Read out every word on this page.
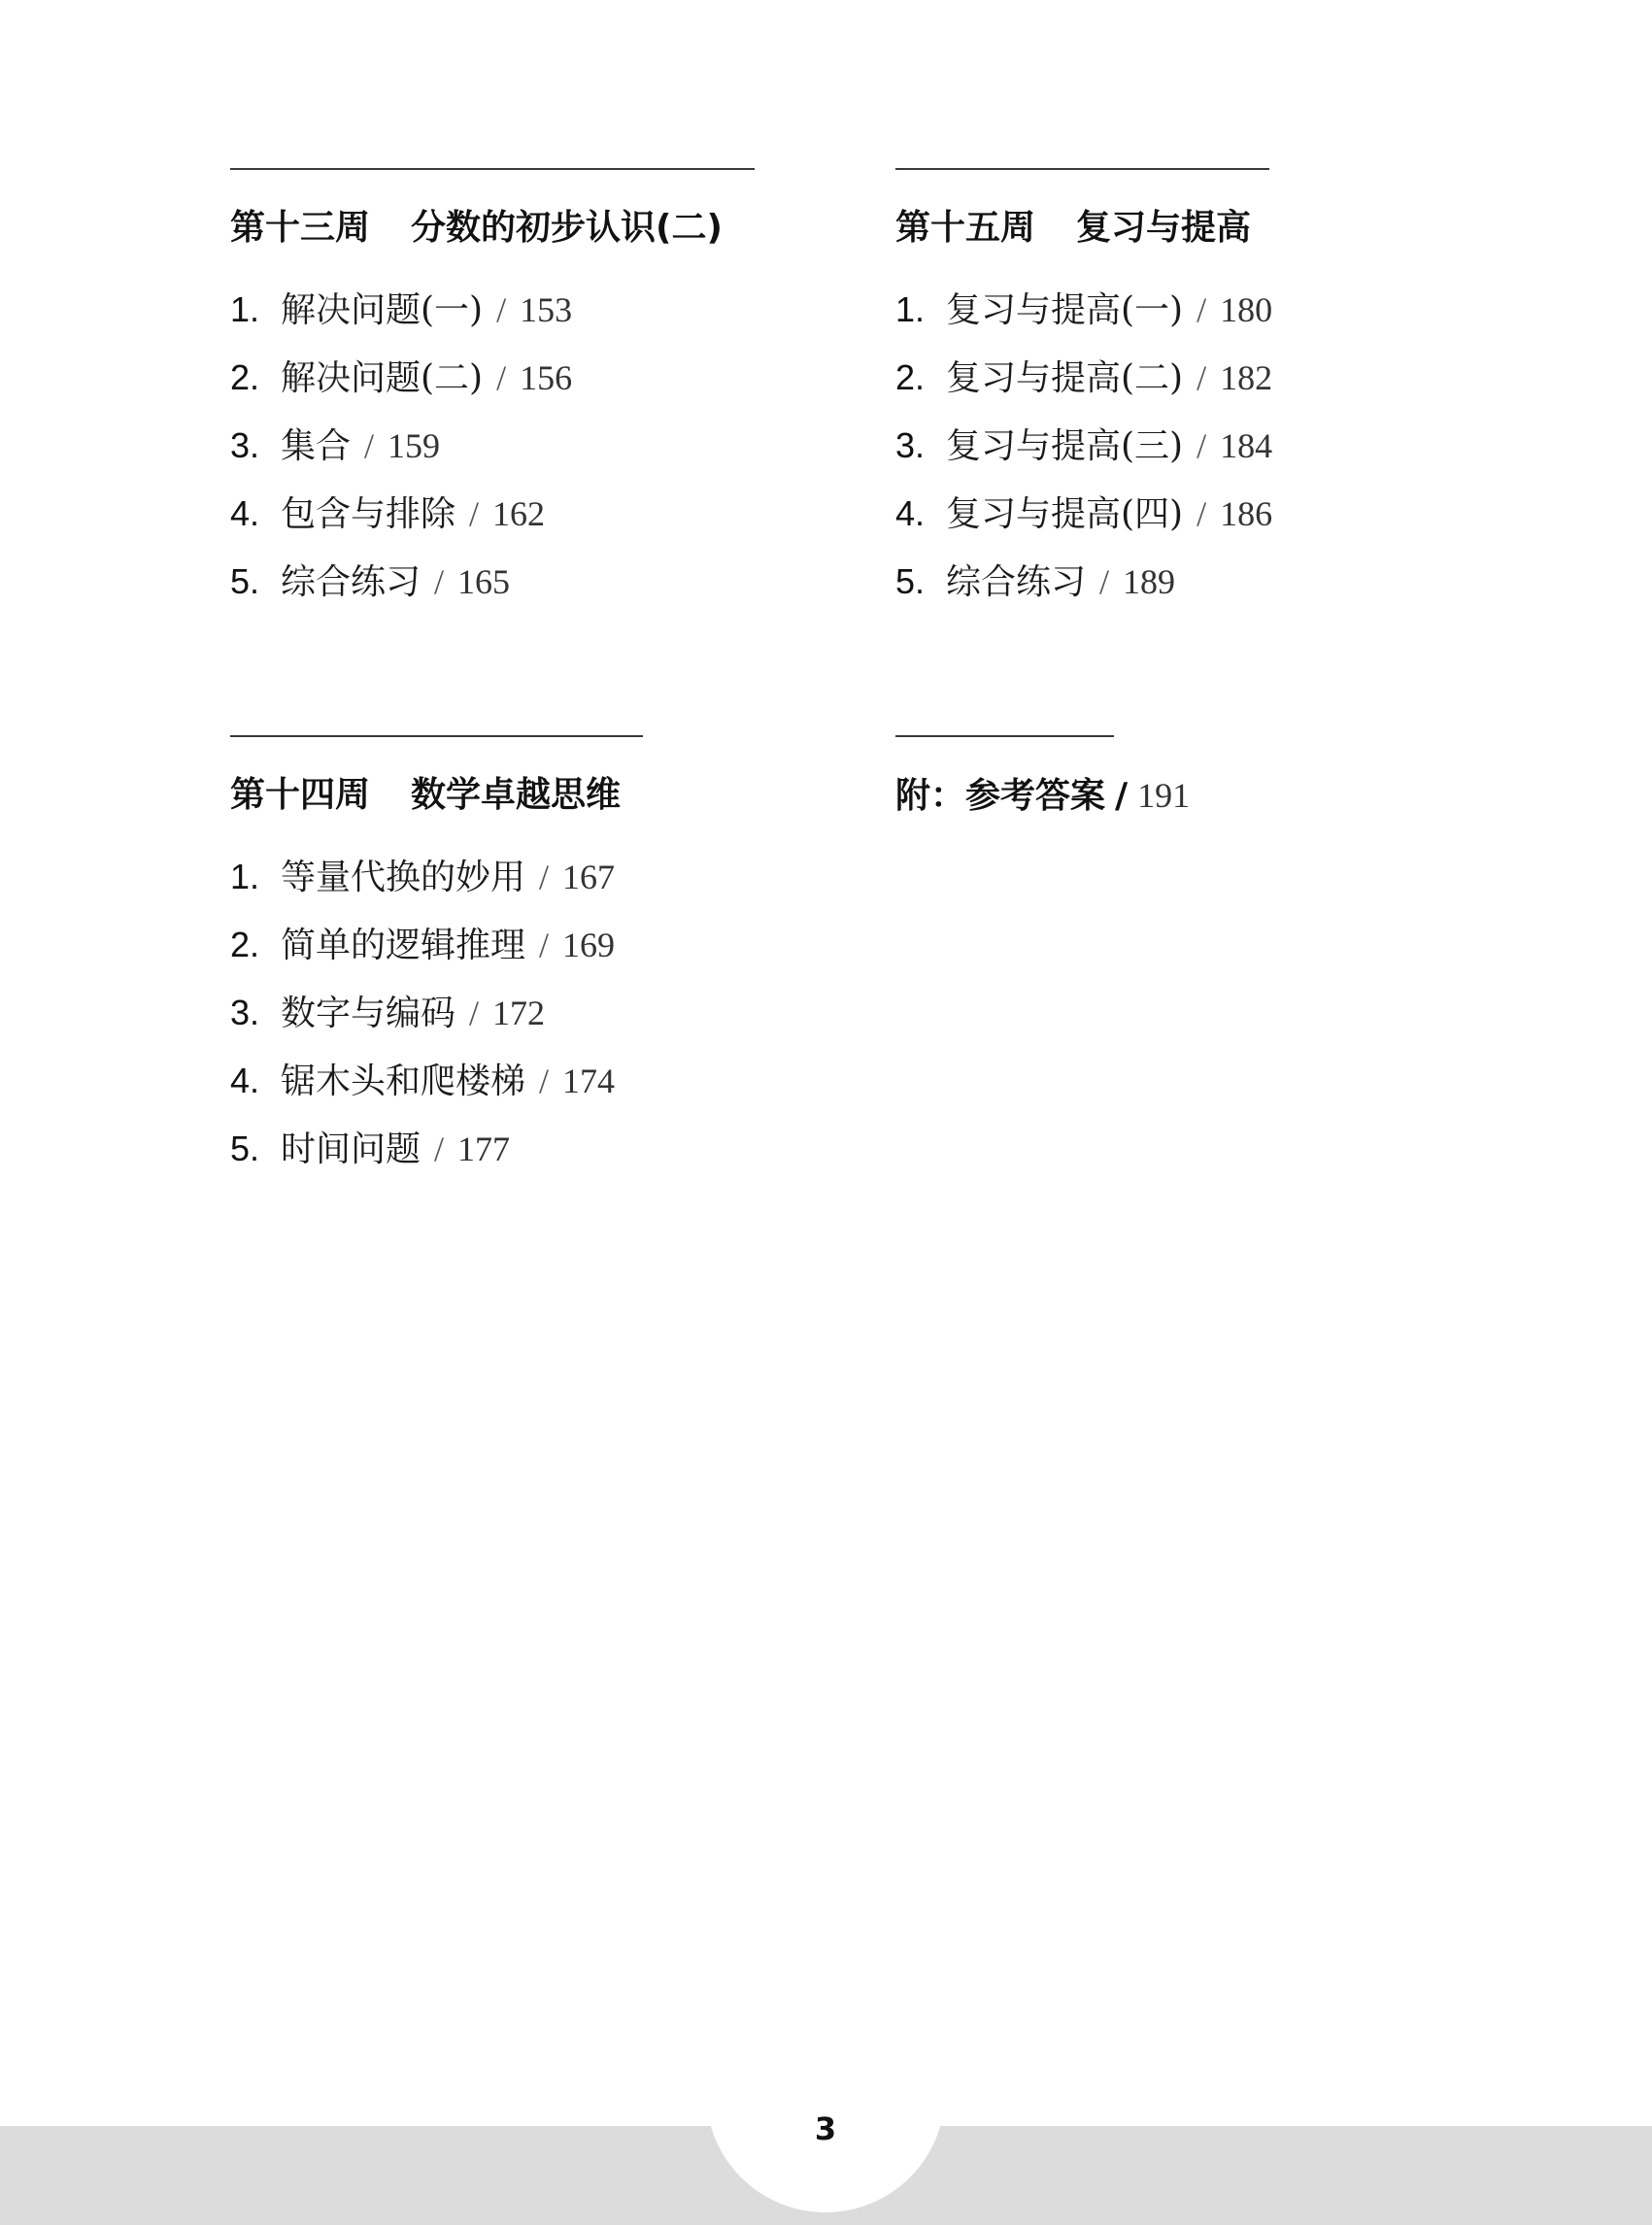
第十三周 分数的初步认识(二)
1. 解决问题(一) / 153
2. 解决问题(二) / 156
3. 集合 / 159
4. 包含与排除 / 162
5. 综合练习 / 165
第十五周 复习与提高
1. 复习与提高(一) / 180
2. 复习与提高(二) / 182
3. 复习与提高(三) / 184
4. 复习与提高(四) / 186
5. 综合练习 / 189
第十四周 数学卓越思维
1. 等量代换的妙用 / 167
2. 简单的逻辑推理 / 169
3. 数字与编码 / 172
4. 锯木头和爬楼梯 / 174
5. 时间问题 / 177
附：参考答案 / 191
3
